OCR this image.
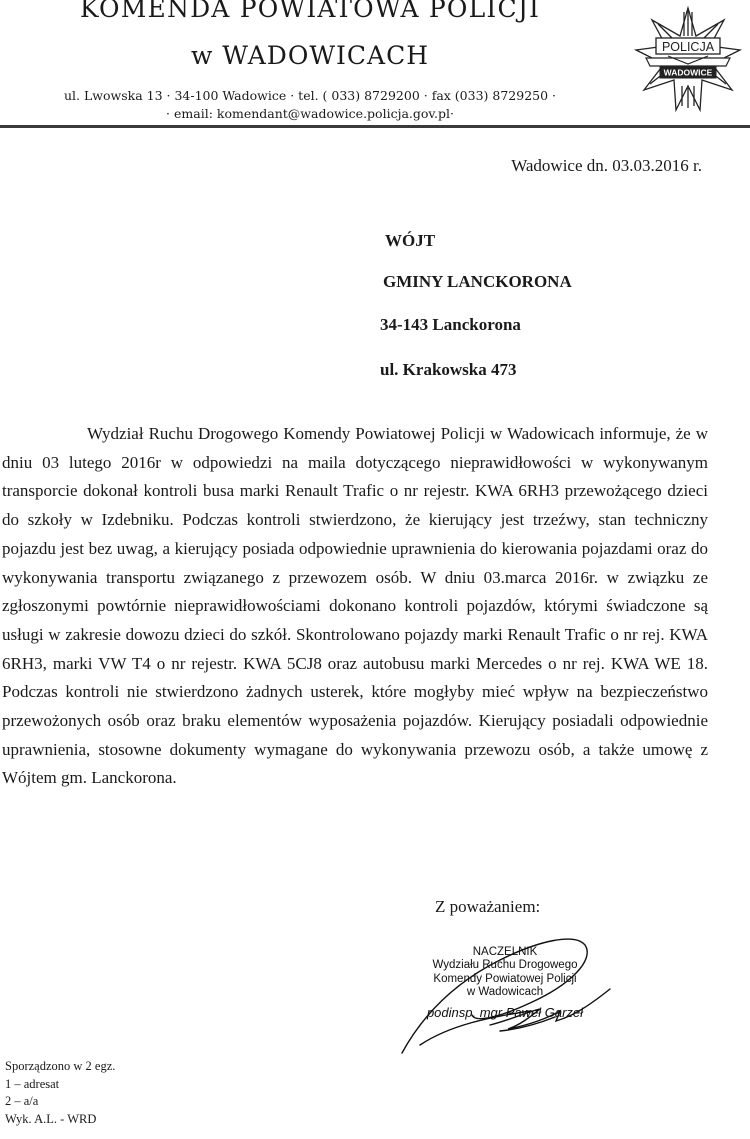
KOMENDA POWIATOWA POLICJI
w WADOWICACH
ul. Lwowska 13 · 34-100 Wadowice · tel. ( 033) 8729200 · fax (033) 8729250 ·
· email: komendant@wadowice.policja.gov.pl·
POLICJA
WADOWICE
Wadowice dn. 03.03.2016 r.
WÓJT
GMINY LANCKORONA
34-143 Lanckorona
ul. Krakowska 473
Wydział Ruchu Drogowego Komendy Powiatowej Policji w Wadowicach informuje, że w dniu 03 lutego 2016r w odpowiedzi na maila dotyczącego nieprawidłowości w wykonywanym transporcie dokonał kontroli busa marki Renault Trafic o nr rejestr. KWA 6RH3 przewożącego dzieci do szkoły w Izdebniku. Podczas kontroli stwierdzono, że kierujący jest trzeźwy, stan techniczny pojazdu jest bez uwag, a kierujący posiada odpowiednie uprawnienia do kierowania pojazdami oraz do wykonywania transportu związanego z przewozem osób. W dniu 03.marca 2016r. w związku ze zgłoszonymi powtórnie nieprawidłowościami dokonano kontroli pojazdów, którymi świadczone są usługi w zakresie dowozu dzieci do szkół. Skontrolowano pojazdy marki Renault Trafic o nr rej. KWA 6RH3, marki VW T4 o nr rejestr. KWA 5CJ8 oraz autobusu marki Mercedes o nr rej. KWA WE 18. Podczas kontroli nie stwierdzono żadnych usterek, które mogłyby mieć wpływ na bezpieczeństwo przewożonych osób oraz braku elementów wyposażenia pojazdów. Kierujący posiadali odpowiednie uprawnienia, stosowne dokumenty wymagane do wykonywania przewozu osób, a także umowę z Wójtem gm. Lanckorona.
Z poważaniem:
NACZELNIK
Wydziału Ruchu Drogowego
Komendy Powiatowej Policji
w Wadowicach
podinsp. mgr Paweł Garzeł
Sporządzono w 2 egz.
1 – adresat
2 – a/a
Wyk. A.L. - WRD
